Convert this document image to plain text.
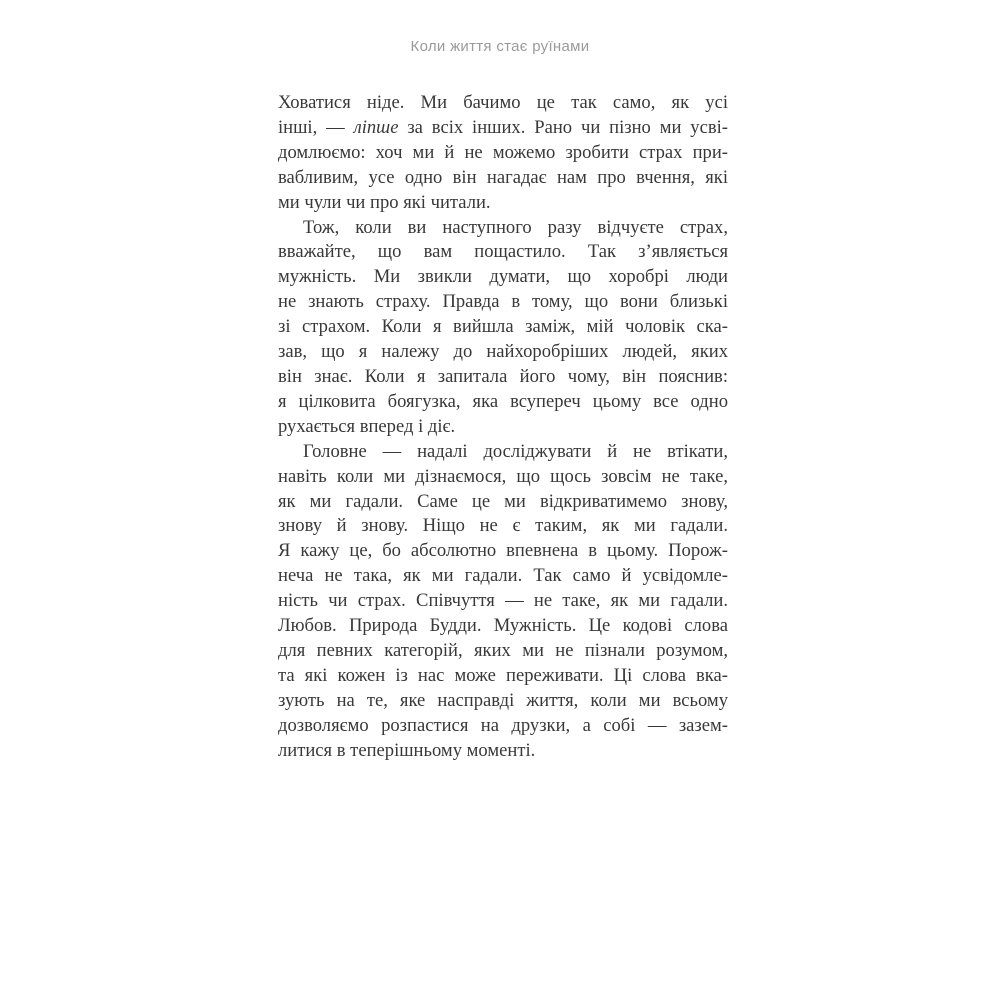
Коли життя стає руїнами
Ховатися ніде. Ми бачимо це так само, як усі
інші, — ліпше за всіх інших. Рано чи пізно ми усві-
домлюємо: хоч ми й не можемо зробити страх при-
вабливим, усе одно він нагадає нам про вчення, які
ми чули чи про які читали.
Тож, коли ви наступного разу відчуєте страх,
вважайте, що вам пощастило. Так з’являється
мужність. Ми звикли думати, що хоробрі люди
не знають страху. Правда в тому, що вони близькі
зі страхом. Коли я вийшла заміж, мій чоловік ска-
зав, що я належу до найхоробріших людей, яких
він знає. Коли я запитала його чому, він пояснив:
я цілковита боягузка, яка всупереч цьому все одно
рухається вперед і діє.
Головне — надалі досліджувати й не втікати,
навіть коли ми дізнаємося, що щось зовсім не таке,
як ми гадали. Саме це ми відкриватимемо знову,
знову й знову. Ніщо не є таким, як ми гадали.
Я кажу це, бо абсолютно впевнена в цьому. Порож-
неча не така, як ми гадали. Так само й усвідомле-
ність чи страх. Співчуття — не таке, як ми гадали.
Любов. Природа Будди. Мужність. Це кодові слова
для певних категорій, яких ми не пізнали розумом,
та які кожен із нас може переживати. Ці слова вка-
зують на те, яке насправді життя, коли ми всьому
дозволяємо розпастися на друзки, а собі — зазем-
литися в теперішньому моменті.
